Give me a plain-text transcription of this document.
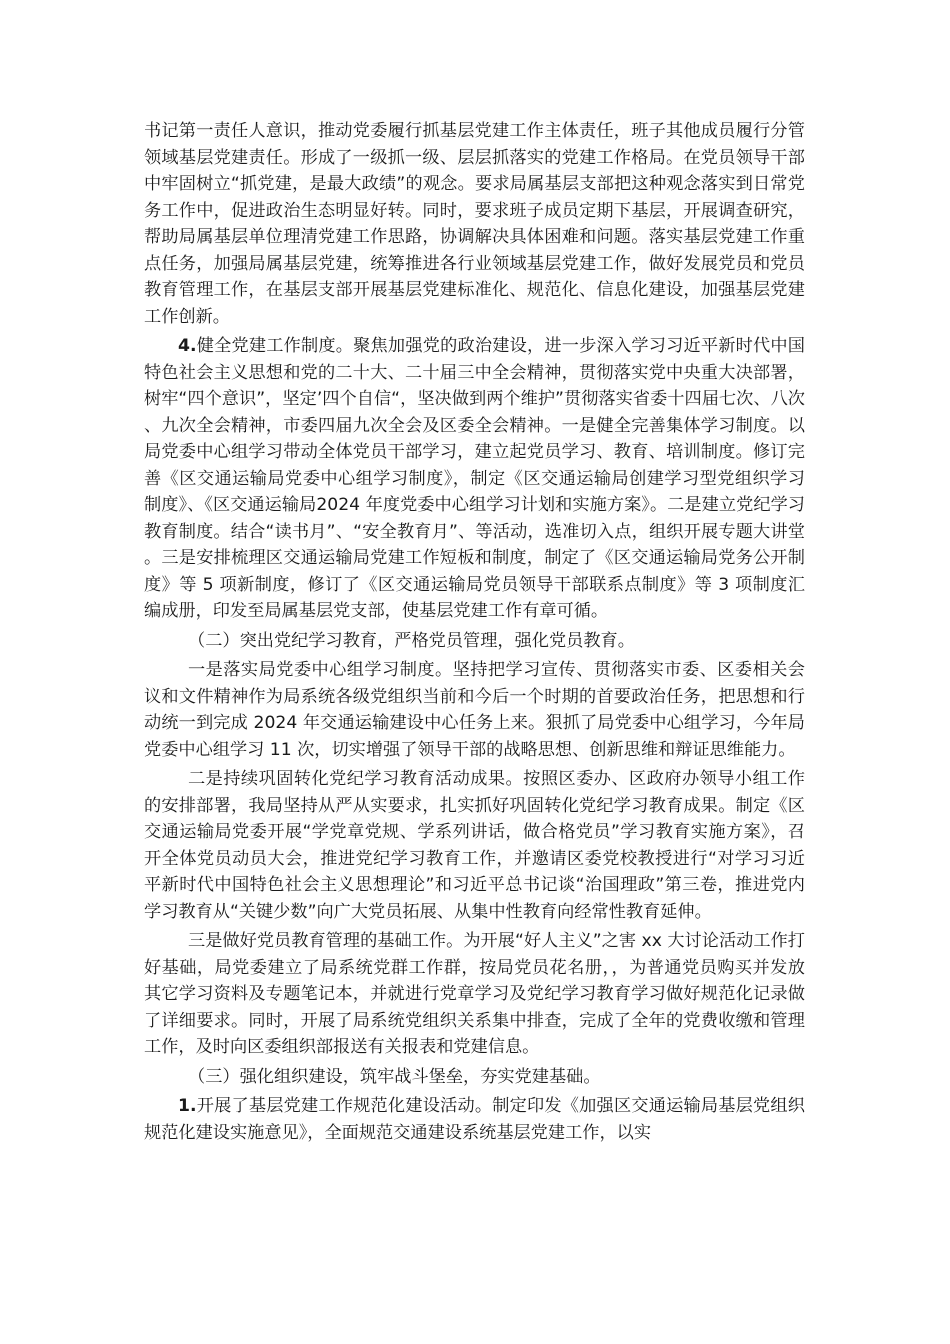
书记第一责任人意识，推动党委履行抓基层党建工作主体责任，班子其他成员履行分管领域基层党建责任。形成了一级抓一级、层层抓落实的党建工作格局。在党员领导干部中牢固树立“抓党建，是最大政绩”的观念。要求局属基层支部把这种观念落实到日常党务工作中，促进政治生态明显好转。同时，要求班子成员定期下基层，开展调查研究，帮助局属基层单位理清党建工作思路，协调解决具体困难和问题。落实基层党建工作重点任务，加强局属基层党建，统筹推进各行业领域基层党建工作，做好发展党员和党员教育管理工作，在基层支部开展基层党建标准化、规范化、信息化建设，加强基层党建工作创新。

4.健全党建工作制度。聚焦加强党的政治建设，进一步深入学习习近平新时代中国特色社会主义思想和党的二十大、二十届三中全会精神，贯彻落实党中央重大决部署，树牢“四个意识”，坚定’四个自信“，坚决做到两个维护”贯彻落实省委十四届七次、八次、九次全会精神，市委四届九次全会及区委全会精神。一是健全完善集体学习制度。以局党委中心组学习带动全体党员干部学习，建立起党员学习、教育、培训制度。修订完善《区交通运输局党委中心组学习制度》，制定《区交通运输局创建学习型党组织学习制度》、《区交通运输局2024 年度党委中心组学习计划和实施方案》。二是建立党纪学习教育制度。结合“读书月”、“安全教育月”、等活动，选准切入点，组织开展专题大讲堂。三是安排梳理区交通运输局党建工作短板和制度，制定了《区交通运输局党务公开制度》等 5 项新制度，修订了《区交通运输局党员领导干部联系点制度》等 3 项制度汇编成册，印发至局属基层党支部，使基层党建工作有章可循。

（二）突出党纪学习教育，严格党员管理，强化党员教育。

一是落实局党委中心组学习制度。坚持把学习宣传、贯彻落实市委、区委相关会议和文件精神作为局系统各级党组织当前和今后一个时期的首要政治任务，把思想和行动统一到完成 2024 年交通运输建设中心任务上来。狠抓了局党委中心组学习，今年局党委中心组学习 11 次，切实增强了领导干部的战略思想、创新思维和辩证思维能力。

二是持续巩固转化党纪学习教育活动成果。按照区委办、区政府办领导小组工作的安排部署，我局坚持从严从实要求，扎实抓好巩固转化党纪学习教育成果。制定《区交通运输局党委开展“学党章党规、学系列讲话，做合格党员”学习教育实施方案》，召开全体党员动员大会，推进党纪学习教育工作，并邀请区委党校教授进行“对学习习近平新时代中国特色社会主义思想理论”和习近平总书记谈“治国理政”第三卷，推进党内学习教育从“关键少数”向广大党员拓展、从集中性教育向经常性教育延伸。

三是做好党员教育管理的基础工作。为开展“好人主义”之害 xx 大讨论活动工作打好基础，局党委建立了局系统党群工作群，按局党员花名册，，为普通党员购买并发放其它学习资料及专题笔记本，并就进行党章学习及党纪学习教育学习做好规范化记录做了详细要求。同时，开展了局系统党组织关系集中排查，完成了全年的党费收缴和管理工作，及时向区委组织部报送有关报表和党建信息。

（三）强化组织建设，筑牢战斗堡垒，夯实党建基础。

1.开展了基层党建工作规范化建设活动。制定印发《加强区交通运输局基层党组织规范化建设实施意见》，全面规范交通建设系统基层党建工作，以实
